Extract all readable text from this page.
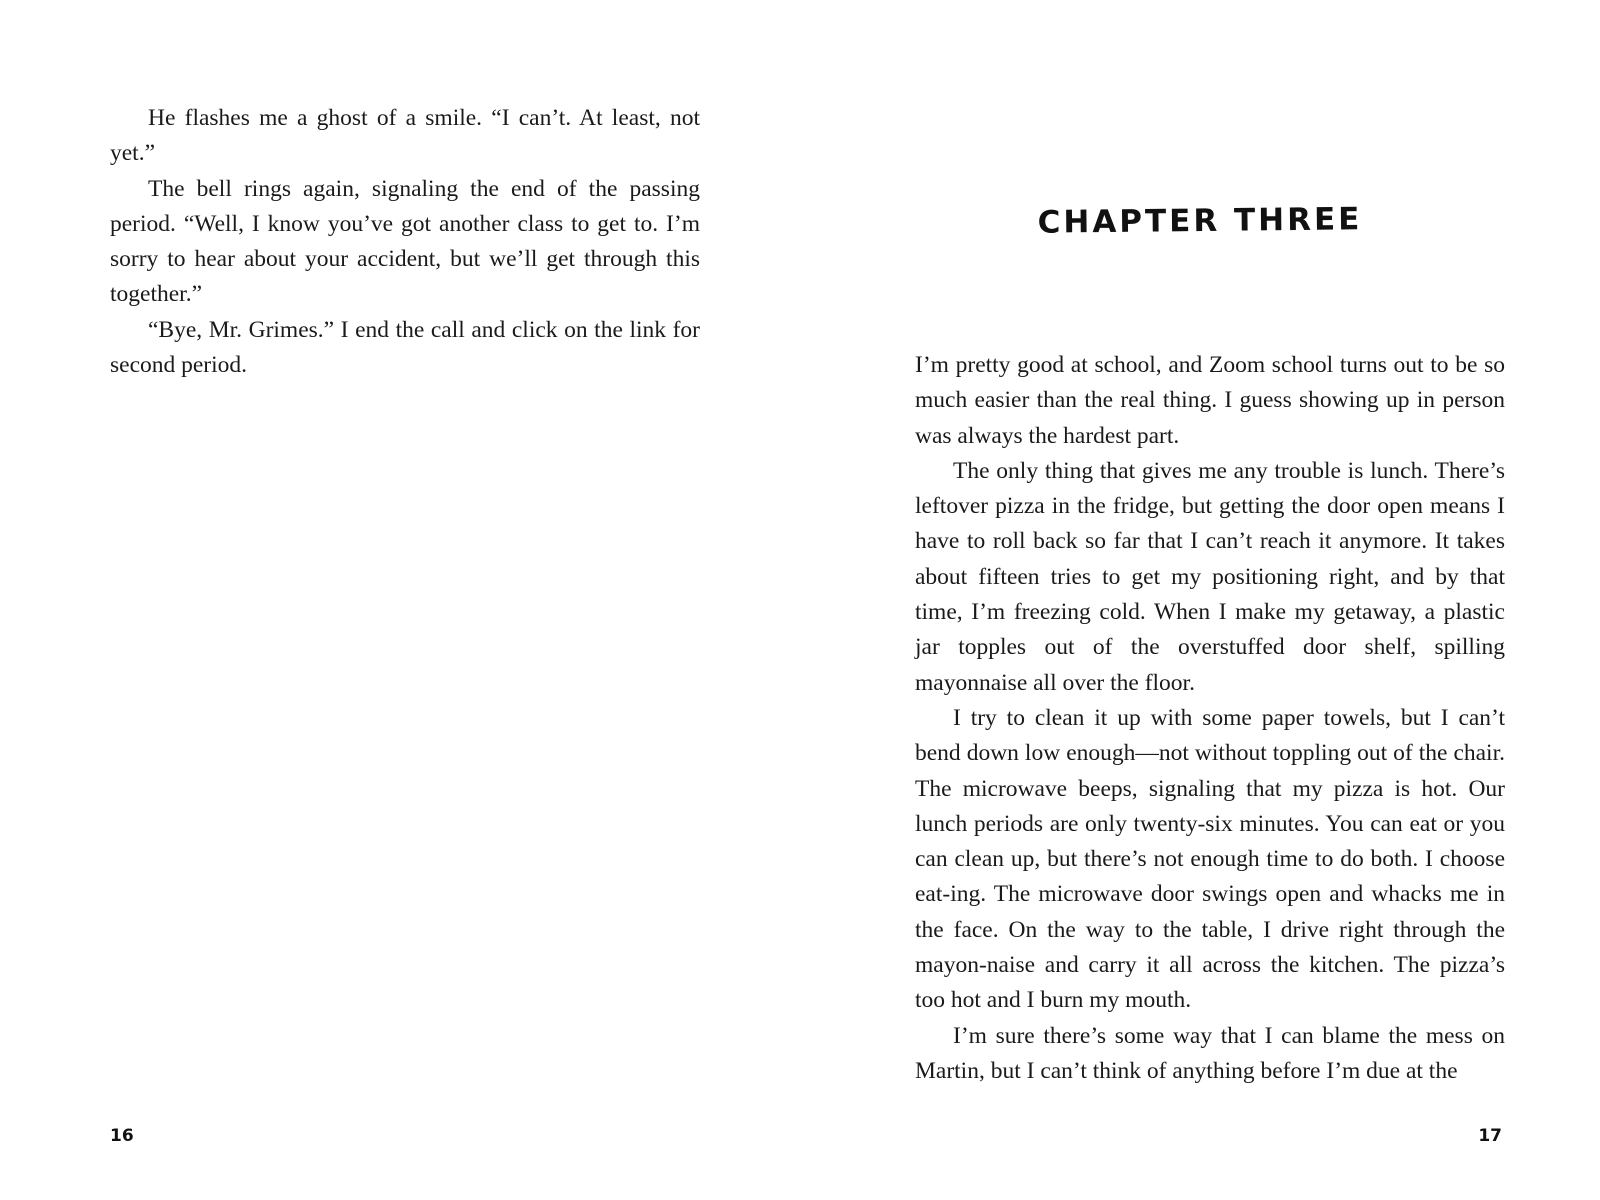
He flashes me a ghost of a smile. “I can’t. At least, not yet.”

The bell rings again, signaling the end of the passing period. “Well, I know you’ve got another class to get to. I’m sorry to hear about your accident, but we’ll get through this together.”

“Bye, Mr. Grimes.” I end the call and click on the link for second period.

16

CHAPTER THREE

I’m pretty good at school, and Zoom school turns out to be so much easier than the real thing. I guess showing up in person was always the hardest part.

The only thing that gives me any trouble is lunch. There’s leftover pizza in the fridge, but getting the door open means I have to roll back so far that I can’t reach it anymore. It takes about fifteen tries to get my positioning right, and by that time, I’m freezing cold. When I make my getaway, a plastic jar topples out of the overstuffed door shelf, spilling mayonnaise all over the floor.

I try to clean it up with some paper towels, but I can’t bend down low enough—not without toppling out of the chair. The microwave beeps, signaling that my pizza is hot. Our lunch periods are only twenty-six minutes. You can eat or you can clean up, but there’s not enough time to do both. I choose eat-ing. The microwave door swings open and whacks me in the face. On the way to the table, I drive right through the mayon-naise and carry it all across the kitchen. The pizza’s too hot and I burn my mouth.

I’m sure there’s some way that I can blame the mess on Martin, but I can’t think of anything before I’m due at the

17
